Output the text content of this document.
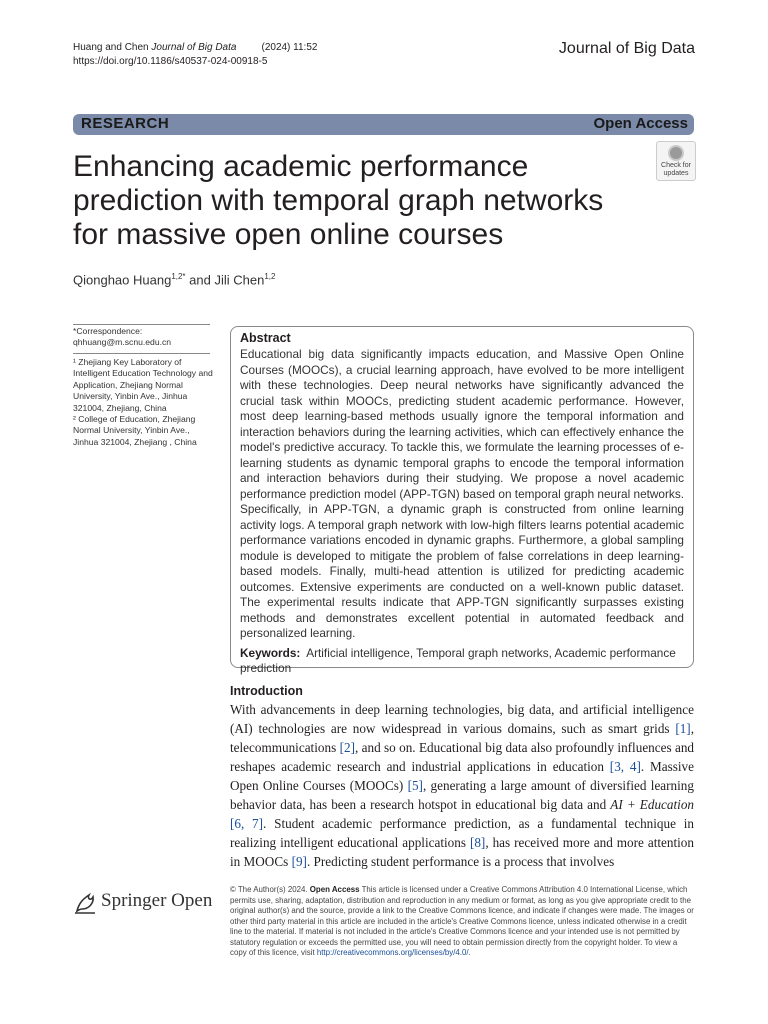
Huang and Chen Journal of Big Data	(2024) 11:52
https://doi.org/10.1186/s40537-024-00918-5
Journal of Big Data
RESEARCH	Open Access
Enhancing academic performance prediction with temporal graph networks for massive open online courses
Check for
updates
Qionghao Huang$^{1,2*}$ and Jili Chen$^{1,2}$
*Correspondence:
qhhuang@m.scnu.edu.cn

¹ Zhejiang Key Laboratory of Intelligent Education Technology and Application, Zhejiang Normal University, Yinbin Ave., Jinhua 321004, Zhejiang, China

² College of Education, Zhejiang Normal University, Yinbin Ave., Jinhua 321004, Zhejiang , China

Abstract
Educational big data significantly impacts education, and Massive Open Online Courses (MOOCs), a crucial learning approach, have evolved to be more intelligent with these technologies. Deep neural networks have significantly advanced the crucial task within MOOCs, predicting student academic performance. However, most deep learning-based methods usually ignore the temporal information and interaction behaviors during the learning activities, which can effectively enhance the model's predictive accuracy. To tackle this, we formulate the learning processes of e-learning students as dynamic temporal graphs to encode the temporal information and interaction behaviors during their studying. We propose a novel academic performance prediction model (APP-TGN) based on temporal graph neural networks. Specifically, in APP-TGN, a dynamic graph is constructed from online learning activity logs. A temporal graph network with low-high filters learns potential academic performance variations encoded in dynamic graphs. Furthermore, a global sampling module is developed to mitigate the problem of false correlations in deep learning-based models. Finally, multi-head attention is utilized for predicting academic outcomes. Extensive experiments are conducted on a well-known public dataset. The experimental results indicate that APP-TGN significantly surpasses existing methods and demonstrates excellent potential in automated feedback and personalized learning.
Keywords: Artificial intelligence, Temporal graph networks, Academic performance prediction
Introduction
With advancements in deep learning technologies, big data, and artificial intelligence (AI) technologies are now widespread in various domains, such as smart grids [1], telecommunications [2], and so on. Educational big data also profoundly influences and reshapes academic research and industrial applications in education [3, 4]. Massive Open Online Courses (MOOCs) [5], generating a large amount of diversified learning behavior data, has been a research hotspot in educational big data and AI + Education [6, 7]. Student academic performance prediction, as a fundamental technique in realizing intelligent educational applications [8], has received more and more attention in MOOCs [9]. Predicting student performance is a process that involves
Springer Open
© The Author(s) 2024. Open Access This article is licensed under a Creative Commons Attribution 4.0 International License, which permits use, sharing, adaptation, distribution and reproduction in any medium or format, as long as you give appropriate credit to the original author(s) and the source, provide a link to the Creative Commons licence, and indicate if changes were made. The images or other third party material in this article are included in the article's Creative Commons licence, unless indicated otherwise in a credit line to the material. If material is not included in the article's Creative Commons licence and your intended use is not permitted by statutory regulation or exceeds the permitted use, you will need to obtain permission directly from the copyright holder. To view a copy of this licence, visit http://creativecommons.org/licenses/by/4.0/.
